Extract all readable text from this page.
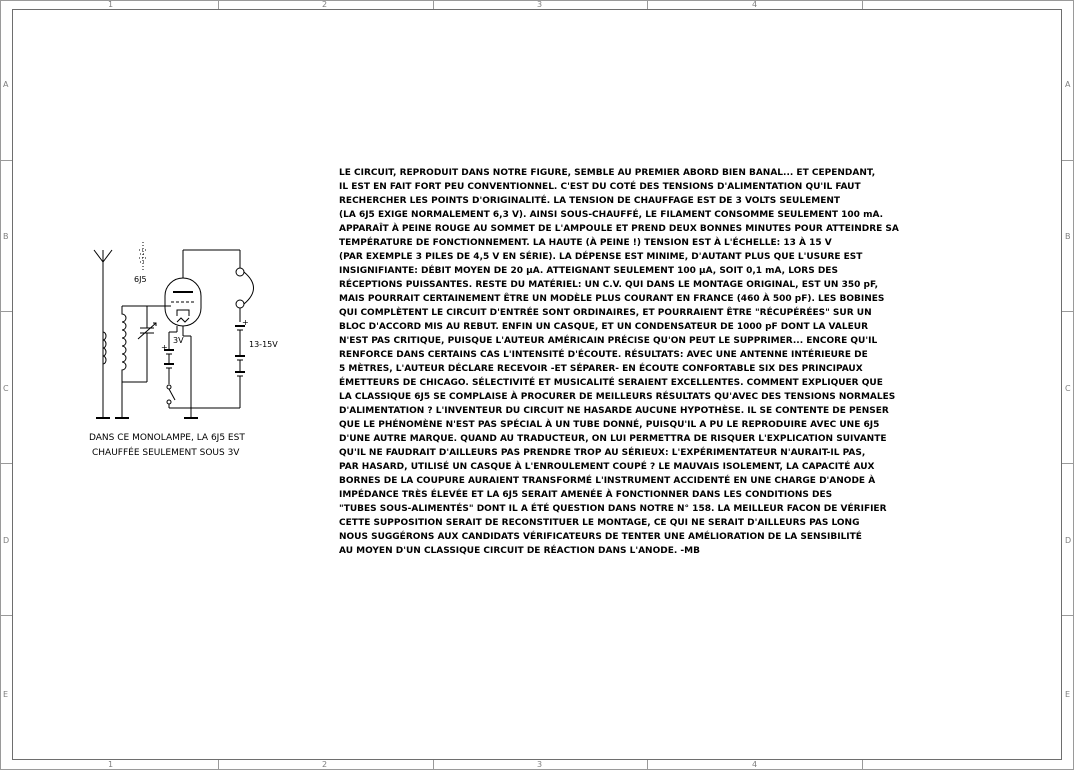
1	2	3	4
1	2	3	4
A
B
C
D
E
A
B
C
D
E
6J5
3V	13-15V
+
+
DANS CE MONOLAMPE, LA 6J5 EST
CHAUFFÉE SEULEMENT SOUS 3V
LE CIRCUIT, REPRODUIT DANS NOTRE FIGURE, SEMBLE AU PREMIER ABORD BIEN BANAL... ET CEPENDANT,
IL EST EN FAIT FORT PEU CONVENTIONNEL. C'EST DU COTÉ DES TENSIONS D'ALIMENTATION QU'IL FAUT
RECHERCHER LES POINTS D'ORIGINALITÉ. LA TENSION DE CHAUFFAGE EST DE 3 VOLTS SEULEMENT
(LA 6J5 EXIGE NORMALEMENT 6,3 V). AINSI SOUS-CHAUFFÉ, LE FILAMENT CONSOMME SEULEMENT 100 mA.
APPARAÎT À PEINE ROUGE AU SOMMET DE L'AMPOULE ET PREND DEUX BONNES MINUTES POUR ATTEINDRE SA
TEMPÉRATURE DE FONCTIONNEMENT. LA HAUTE (À PEINE !) TENSION EST À L'ÉCHELLE: 13 À 15 V
(PAR EXEMPLE 3 PILES DE 4,5 V EN SÉRIE). LA DÉPENSE EST MINIME, D'AUTANT PLUS QUE L'USURE EST
INSIGNIFIANTE: DÉBIT MOYEN DE 20 µA. ATTEIGNANT SEULEMENT 100 µA, SOIT 0,1 mA, LORS DES
RÉCEPTIONS PUISSANTES. RESTE DU MATÉRIEL: UN C.V. QUI DANS LE MONTAGE ORIGINAL, EST UN 350 pF,
MAIS POURRAIT CERTAINEMENT ÊTRE UN MODÈLE PLUS COURANT EN FRANCE (460 À 500 pF). LES BOBINES
QUI COMPLÈTENT LE CIRCUIT D'ENTRÉE SONT ORDINAIRES, ET POURRAIENT ÊTRE "RÉCUPÉRÉES" SUR UN
BLOC D'ACCORD MIS AU REBUT. ENFIN UN CASQUE, ET UN CONDENSATEUR DE 1000 pF DONT LA VALEUR
N'EST PAS CRITIQUE, PUISQUE L'AUTEUR AMÉRICAIN PRÉCISE QU'ON PEUT LE SUPPRIMER... ENCORE QU'IL
RENFORCE DANS CERTAINS CAS L'INTENSITÉ D'ÉCOUTE. RÉSULTATS: AVEC UNE ANTENNE INTÉRIEURE DE
5 MÈTRES, L'AUTEUR DÉCLARE RECEVOIR -ET SÉPARER- EN ÉCOUTE CONFORTABLE SIX DES PRINCIPAUX
ÉMETTEURS DE CHICAGO. SÉLECTIVITÉ ET MUSICALITÉ SERAIENT EXCELLENTES. COMMENT EXPLIQUER QUE
LA CLASSIQUE 6J5 SE COMPLAISE À PROCURER DE MEILLEURS RÉSULTATS QU'AVEC DES TENSIONS NORMALES
D'ALIMENTATION ? L'INVENTEUR DU CIRCUIT NE HASARDE AUCUNE HYPOTHÈSE. IL SE CONTENTE DE PENSER
QUE LE PHÉNOMÈNE N'EST PAS SPÉCIAL À UN TUBE DONNÉ, PUISQU'IL A PU LE REPRODUIRE AVEC UNE 6J5
D'UNE AUTRE MARQUE. QUAND AU TRADUCTEUR, ON LUI PERMETTRA DE RISQUER L'EXPLICATION SUIVANTE
QU'IL NE FAUDRAIT D'AILLEURS PAS PRENDRE TROP AU SÉRIEUX: L'EXPÉRIMENTATEUR N'AURAIT-IL PAS,
PAR HASARD, UTILISÉ UN CASQUE À L'ENROULEMENT COUPÉ ? LE MAUVAIS ISOLEMENT, LA CAPACITÉ AUX
BORNES DE LA COUPURE AURAIENT TRANSFORMÉ L'INSTRUMENT ACCIDENTÉ EN UNE CHARGE D'ANODE À
IMPÉDANCE TRÈS ÉLEVÉE ET LA 6J5 SERAIT AMENÉE À FONCTIONNER DANS LES CONDITIONS DES
"TUBES SOUS-ALIMENTÉS" DONT IL A ÉTÉ QUESTION DANS NOTRE N° 158. LA MEILLEUR FACON DE VÉRIFIER
CETTE SUPPOSITION SERAIT DE RECONSTITUER LE MONTAGE, CE QUI NE SERAIT D'AILLEURS PAS LONG
NOUS SUGGÉRONS AUX CANDIDATS VÉRIFICATEURS DE TENTER UNE AMÉLIORATION DE LA SENSIBILITÉ
AU MOYEN D'UN CLASSIQUE CIRCUIT DE RÉACTION DANS L'ANODE. -MB
